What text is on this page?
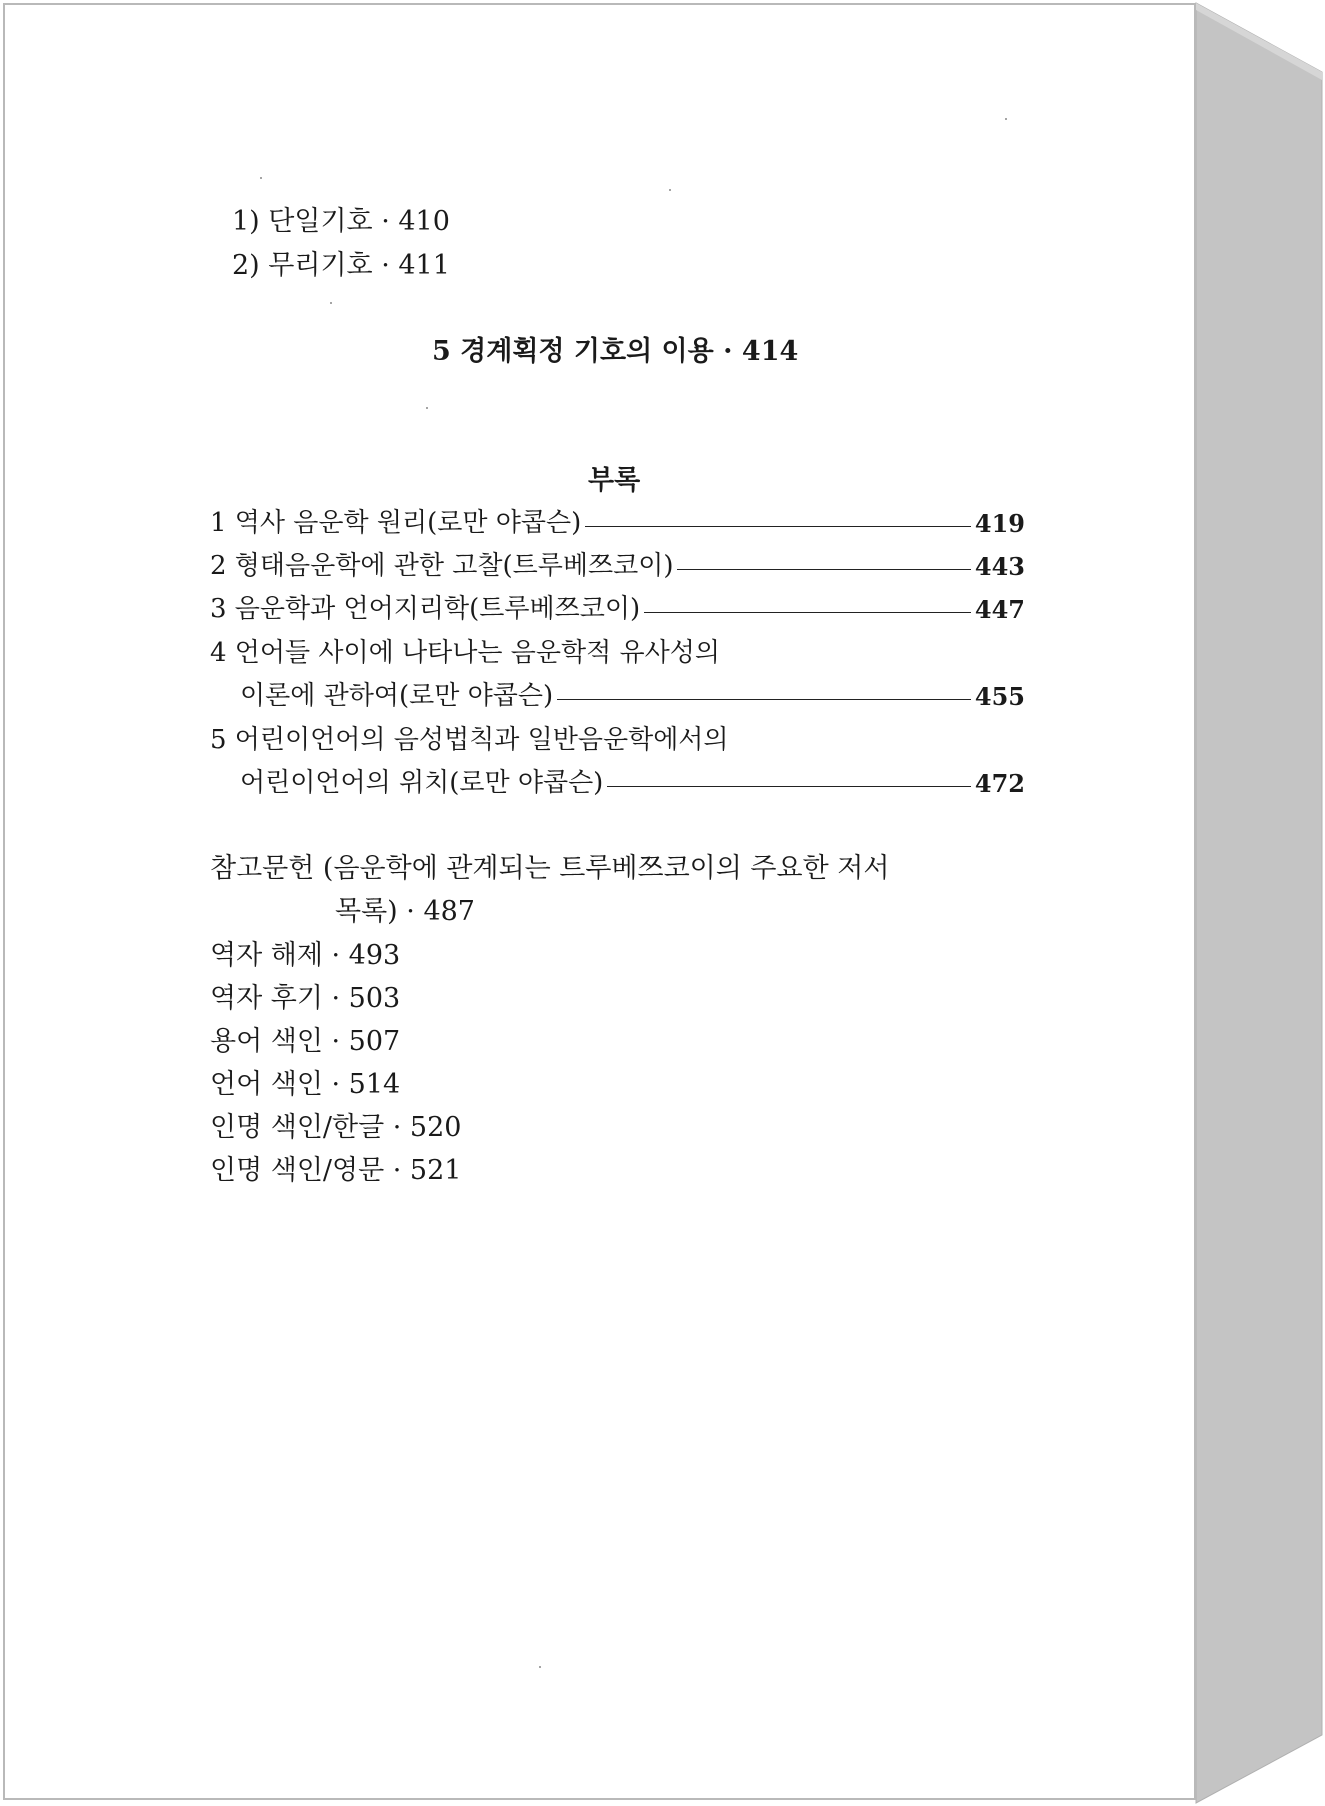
1) 단일기호 · 410
2) 무리기호 · 411
5 경계획정 기호의 이용 · 414
부록
1 역사 음운학 원리(로만 야콥슨)	419
2 형태음운학에 관한 고찰(트루베쯔코이)	443
3 음운학과 언어지리학(트루베쯔코이)	447
4 언어들 사이에 나타나는 음운학적 유사성의
이론에 관하여(로만 야콥슨)	455
5 어린이언어의 음성법칙과 일반음운학에서의
어린이언어의 위치(로만 야콥슨)	472
참고문헌 (음운학에 관계되는 트루베쯔코이의 주요한 저서
목록) · 487
역자 해제 · 493
역자 후기 · 503
용어 색인 · 507
언어 색인 · 514
인명 색인/한글 · 520
인명 색인/영문 · 521
